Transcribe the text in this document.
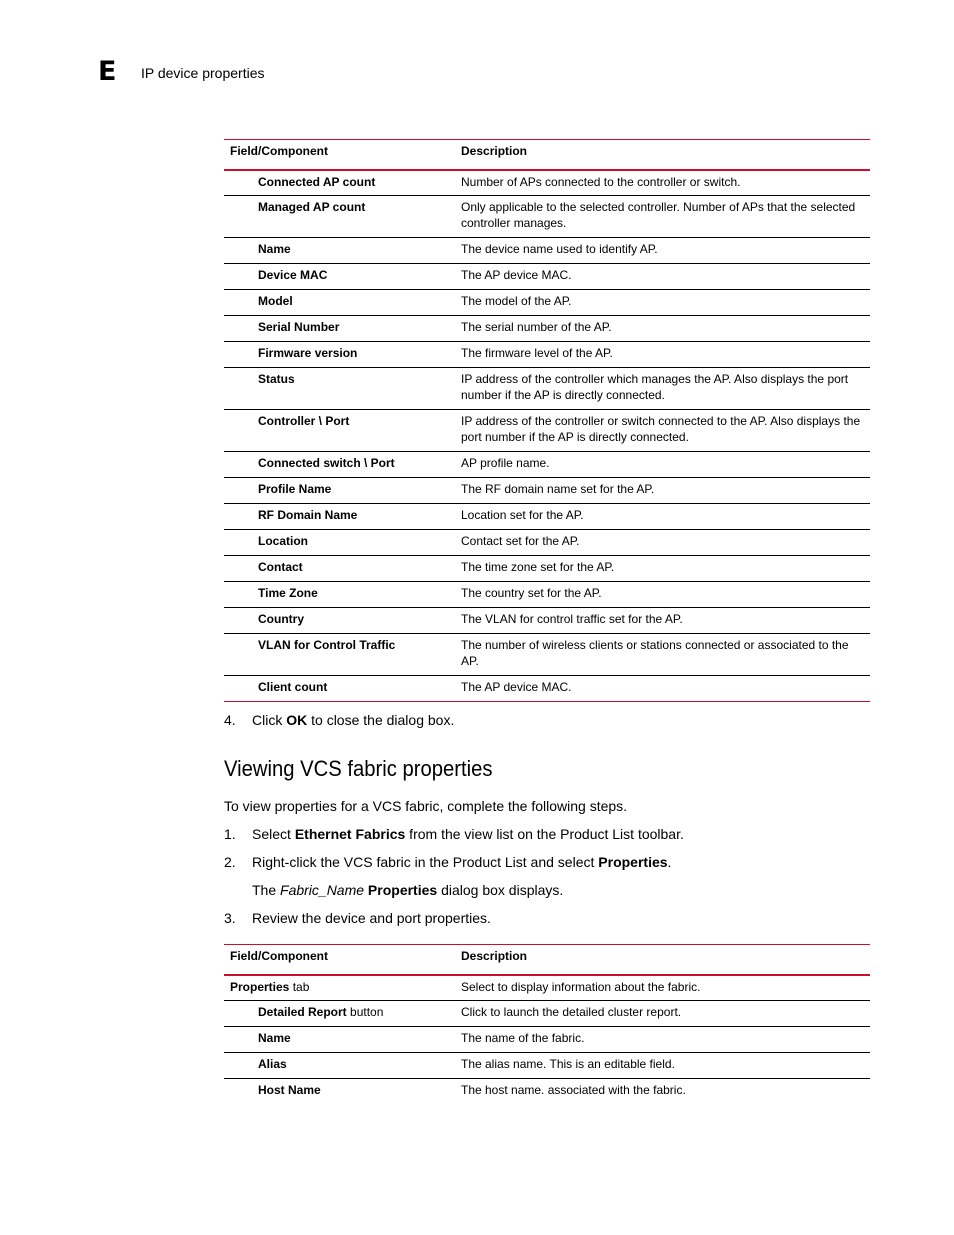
E IP device properties
Field/Component	Description
Connected AP count	Number of APs connected to the controller or switch.
Managed AP count	Only applicable to the selected controller. Number of APs that the selected controller manages.
Name	The device name used to identify AP.
Device MAC	The AP device MAC.
Model	The model of the AP.
Serial Number	The serial number of the AP.
Firmware version	The firmware level of the AP.
Status	IP address of the controller which manages the AP. Also displays the port number if the AP is directly connected.
Controller \ Port	IP address of the controller or switch connected to the AP. Also displays the port number if the AP is directly connected.
Connected switch \ Port	AP profile name.
Profile Name	The RF domain name set for the AP.
RF Domain Name	Location set for the AP.
Location	Contact set for the AP.
Contact	The time zone set for the AP.
Time Zone	The country set for the AP.
Country	The VLAN for control traffic set for the AP.
VLAN for Control Traffic	The number of wireless clients or stations connected or associated to the AP.
Client count	The AP device MAC.
4. Click OK to close the dialog box.
Viewing VCS fabric properties
To view properties for a VCS fabric, complete the following steps.
1. Select Ethernet Fabrics from the view list on the Product List toolbar.
2. Right-click the VCS fabric in the Product List and select Properties.
The Fabric_Name Properties dialog box displays.
3. Review the device and port properties.
Field/Component	Description
Properties tab	Select to display information about the fabric.
Detailed Report button	Click to launch the detailed cluster report.
Name	The name of the fabric.
Alias	The alias name. This is an editable field.
Host Name	The host name. associated with the fabric.
